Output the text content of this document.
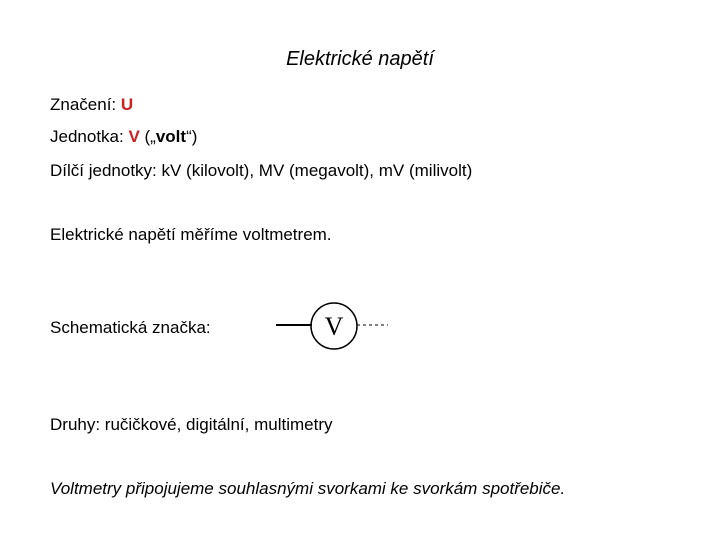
Elektrické napětí
Značení: U
Jednotka: V („volt“)
Dílčí jednotky: kV (kilovolt), MV (megavolt), mV (milivolt)
Elektrické napětí měříme voltmetrem.
Schematická značka:	V
Druhy: ručičkové, digitální, multimetry
Voltmetry připojujeme souhlasnými svorkami ke svorkám spotřebiče.
